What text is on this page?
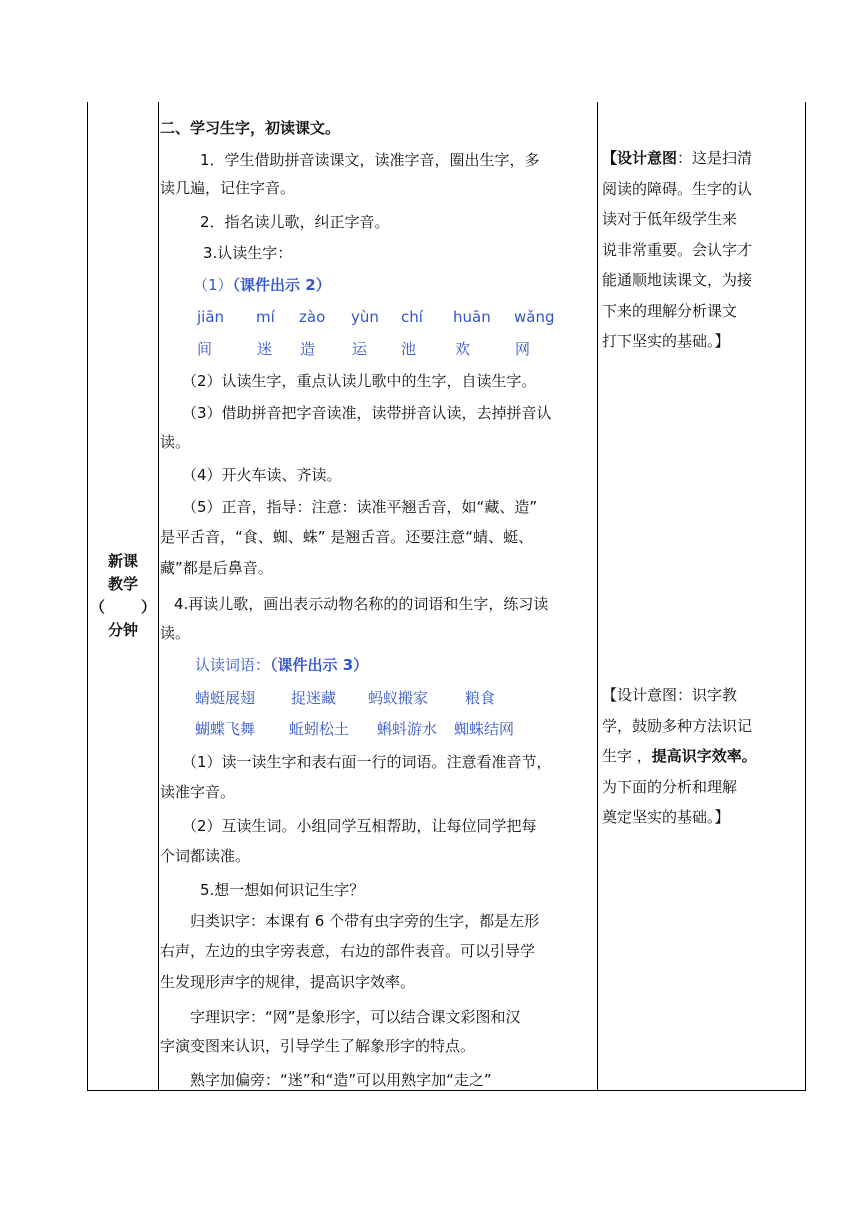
新课
教学
（ ）
分钟
二、学习生字，初读课文。
1．学生借助拼音读课文，读准字音，圈出生字，多
读几遍，记住字音。
2．指名读儿歌，纠正字音。
3.认读生字：
（1）（课件出示 2）
jiān mí zào yùn chí huān wǎng
间	迷 造 运 池	欢	网
（2）认读生字，重点认读儿歌中的生字，自读生字。
（3）借助拼音把字音读准，读带拼音认读，去掉拼音认
读。
（4）开火车读、齐读。
（5）正音，指导：注意：读准平翘舌音，如“藏、造”
是平舌音，“食、蜘、蛛” 是翘舌音。还要注意“蜻、蜓、
藏”都是后鼻音。
4.再读儿歌，画出表示动物名称的的词语和生字，练习读
读。
认读词语：（课件出示 3）
蜻蜓展翅 捉迷藏 蚂蚁搬家 粮食
蝴蝶飞舞 蚯蚓松土 蝌蚪游水 蜘蛛结网
（1）读一读生字和表右面一行的词语。注意看准音节，
读准字音。
（2）互读生词。小组同学互相帮助，让每位同学把每
个词都读准。
5.想一想如何识记生字？
归类识字：本课有 6 个带有虫字旁的生字，都是左形
右声，左边的虫字旁表意，右边的部件表音。可以引导学
生发现形声字的规律，提高识字效率。
字理识字：“网”是象形字，可以结合课文彩图和汉
字演变图来认识，引导学生了解象形字的特点。
熟字加偏旁：“迷”和“造”可以用熟字加“走之”
【设计意图：这是扫清
阅读的障碍。生字的认
读对于低年级学生来
说非常重要。会认字才
能通顺地读课文，为接
下来的理解分析课文
打下坚实的基础。】
【设计意图：识字教
学，鼓励多种方法识记
生字 ，提高识字效率。
为下面的分析和理解
奠定坚实的基础。】
